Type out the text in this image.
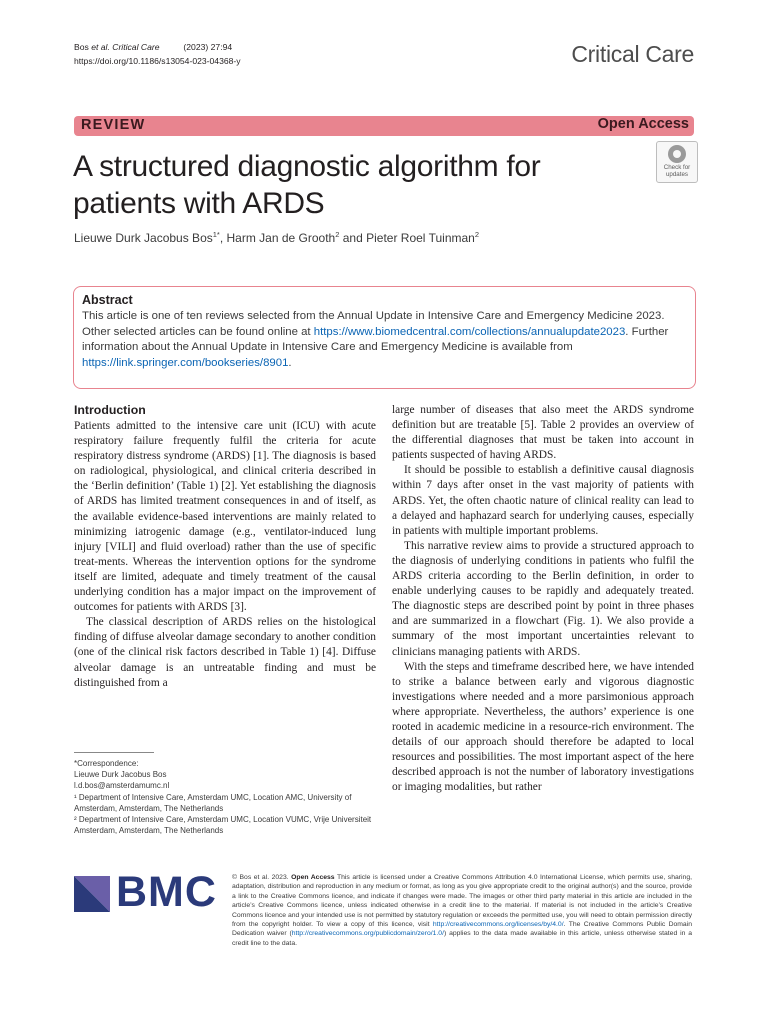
Bos et al. Critical Care	(2023) 27:94
https://doi.org/10.1186/s13054-023-04368-y	Critical Care
REVIEW	Open Access
A structured diagnostic algorithm for patients with ARDS
Check for
updates
Lieuwe Durk Jacobus Bos$^{1*}$, Harm Jan de Grooth$^2$ and Pieter Roel Tuinman$^2$
Abstract
This article is one of ten reviews selected from the Annual Update in Intensive Care and Emergency Medicine 2023. Other selected articles can be found online at https://www.biomedcentral.com/collections/annualupdate2023. Further information about the Annual Update in Intensive Care and Emergency Medicine is available from https://link.springer.com/bookseries/8901.
Introduction

Patients admitted to the intensive care unit (ICU) with acute respiratory failure frequently fulfil the criteria for acute respiratory distress syndrome (ARDS) [1]. The diagnosis is based on radiological, physiological, and clinical criteria described in the ‘Berlin definition’ (Table 1) [2]. Yet establishing the diagnosis of ARDS has limited treatment consequences in and of itself, as the available evidence-based interventions are mainly related to minimizing iatrogenic damage (e.g., ventilator-induced lung injury [VILI] and fluid overload) rather than the use of specific treat-ments. Whereas the intervention options for the syndrome itself are limited, adequate and timely treatment of the causal underlying condition has a major impact on the improvement of outcomes for patients with ARDS [3].

The classical description of ARDS relies on the histological finding of diffuse alveolar damage secondary to another condition (one of the clinical risk factors described in Table 1) [4]. Diffuse alveolar damage is an untreatable finding and must be distinguished from a

large number of diseases that also meet the ARDS syndrome definition but are treatable [5]. Table 2 provides an overview of the differential diagnoses that must be taken into account in patients suspected of having ARDS.

It should be possible to establish a definitive causal diagnosis within 7 days after onset in the vast majority of patients with ARDS. Yet, the often chaotic nature of clinical reality can lead to a delayed and haphazard search for underlying causes, especially in patients with multiple important problems.

This narrative review aims to provide a structured approach to the diagnosis of underlying conditions in patients who fulfil the ARDS criteria according to the Berlin definition, in order to enable underlying causes to be rapidly and adequately treated. The diagnostic steps are described point by point in three phases and are summarized in a flowchart (Fig. 1). We also provide a summary of the most important uncertainties relevant to clinicians managing patients with ARDS.

With the steps and timeframe described here, we have intended to strike a balance between early and vigorous diagnostic investigations where needed and a more parsimonious approach where appropriate. Nevertheless, the authors’ experience is one rooted in academic medicine in a resource-rich environment. The details of our approach should therefore be adapted to local resources and possibilities. The most important aspect of the here described approach is not the number of laboratory investigations or imaging modalities, but rather

*Correspondence:
Lieuwe Durk Jacobus Bos
l.d.bos@amsterdamumc.nl
¹ Department of Intensive Care, Amsterdam UMC, Location AMC, University of Amsterdam, Amsterdam, The Netherlands
² Department of Intensive Care, Amsterdam UMC, Location VUMC, Vrije Universiteit Amsterdam, Amsterdam, The Netherlands
BMC © Bos et al. 2023. Open Access This article is licensed under a Creative Commons Attribution 4.0 International License, which permits use, sharing, adaptation, distribution and reproduction in any medium or format, as long as you give appropriate credit to the original author(s) and the source, provide a link to the Creative Commons licence, and indicate if changes were made. The images or other third party material in this article are included in the article’s Creative Commons licence, unless indicated otherwise in a credit line to the material. If material is not included in the article’s Creative Commons licence and your intended use is not permitted by statutory regulation or exceeds the permitted use, you will need to obtain permission directly from the copyright holder. To view a copy of this licence, visit http://creativecommons.org/licenses/by/4.0/. The Creative Commons Public Domain Dedication waiver (http://creativecommons.org/publicdomain/zero/1.0/) applies to the data made available in this article, unless otherwise stated in a credit line to the data.
